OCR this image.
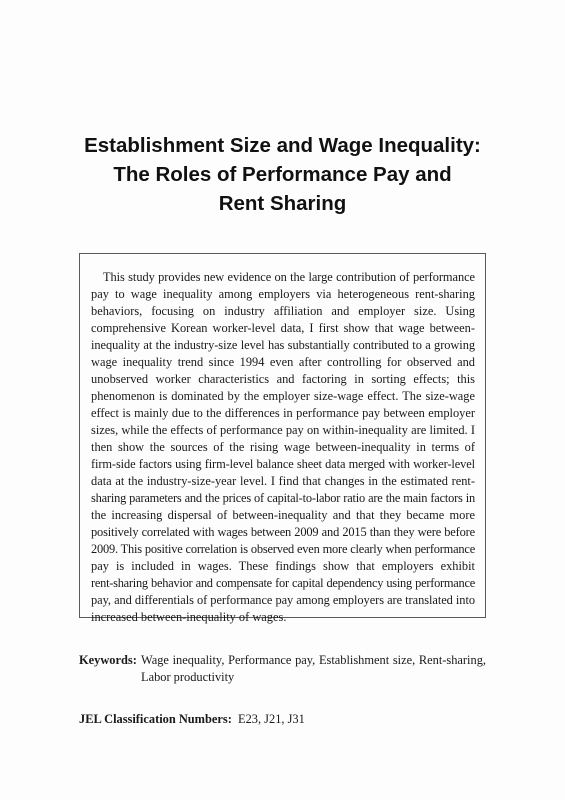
Establishment Size and Wage Inequality:
The Roles of Performance Pay and
Rent Sharing
This study provides new evidence on the large contribution of performance
pay to wage inequality among employers via heterogeneous rent-sharing
behaviors, focusing on industry affiliation and employer size. Using
comprehensive Korean worker-level data, I first show that wage between-
inequality at the industry-size level has substantially contributed to a growing
wage inequality trend since 1994 even after controlling for observed and
unobserved worker characteristics and factoring in sorting effects; this
phenomenon is dominated by the employer size-wage effect. The size-wage
effect is mainly due to the differences in performance pay between employer
sizes, while the effects of performance pay on within-inequality are limited. I
then show the sources of the rising wage between-inequality in terms of
firm-side factors using firm-level balance sheet data merged with worker-level
data at the industry-size-year level. I find that changes in the estimated rent-
sharing parameters and the prices of capital-to-labor ratio are the main factors in
the increasing dispersal of between-inequality and that they became more
positively correlated with wages between 2009 and 2015 than they were before
2009. This positive correlation is observed even more clearly when performance
pay is included in wages. These findings show that employers exhibit
rent-sharing behavior and compensate for capital dependency using performance
pay, and differentials of performance pay among employers are translated into
increased between-inequality of wages.
Keywords: Wage inequality, Performance pay, Establishment size, Rent-sharing,
Labor productivity
JEL Classification Numbers: E23, J21, J31
